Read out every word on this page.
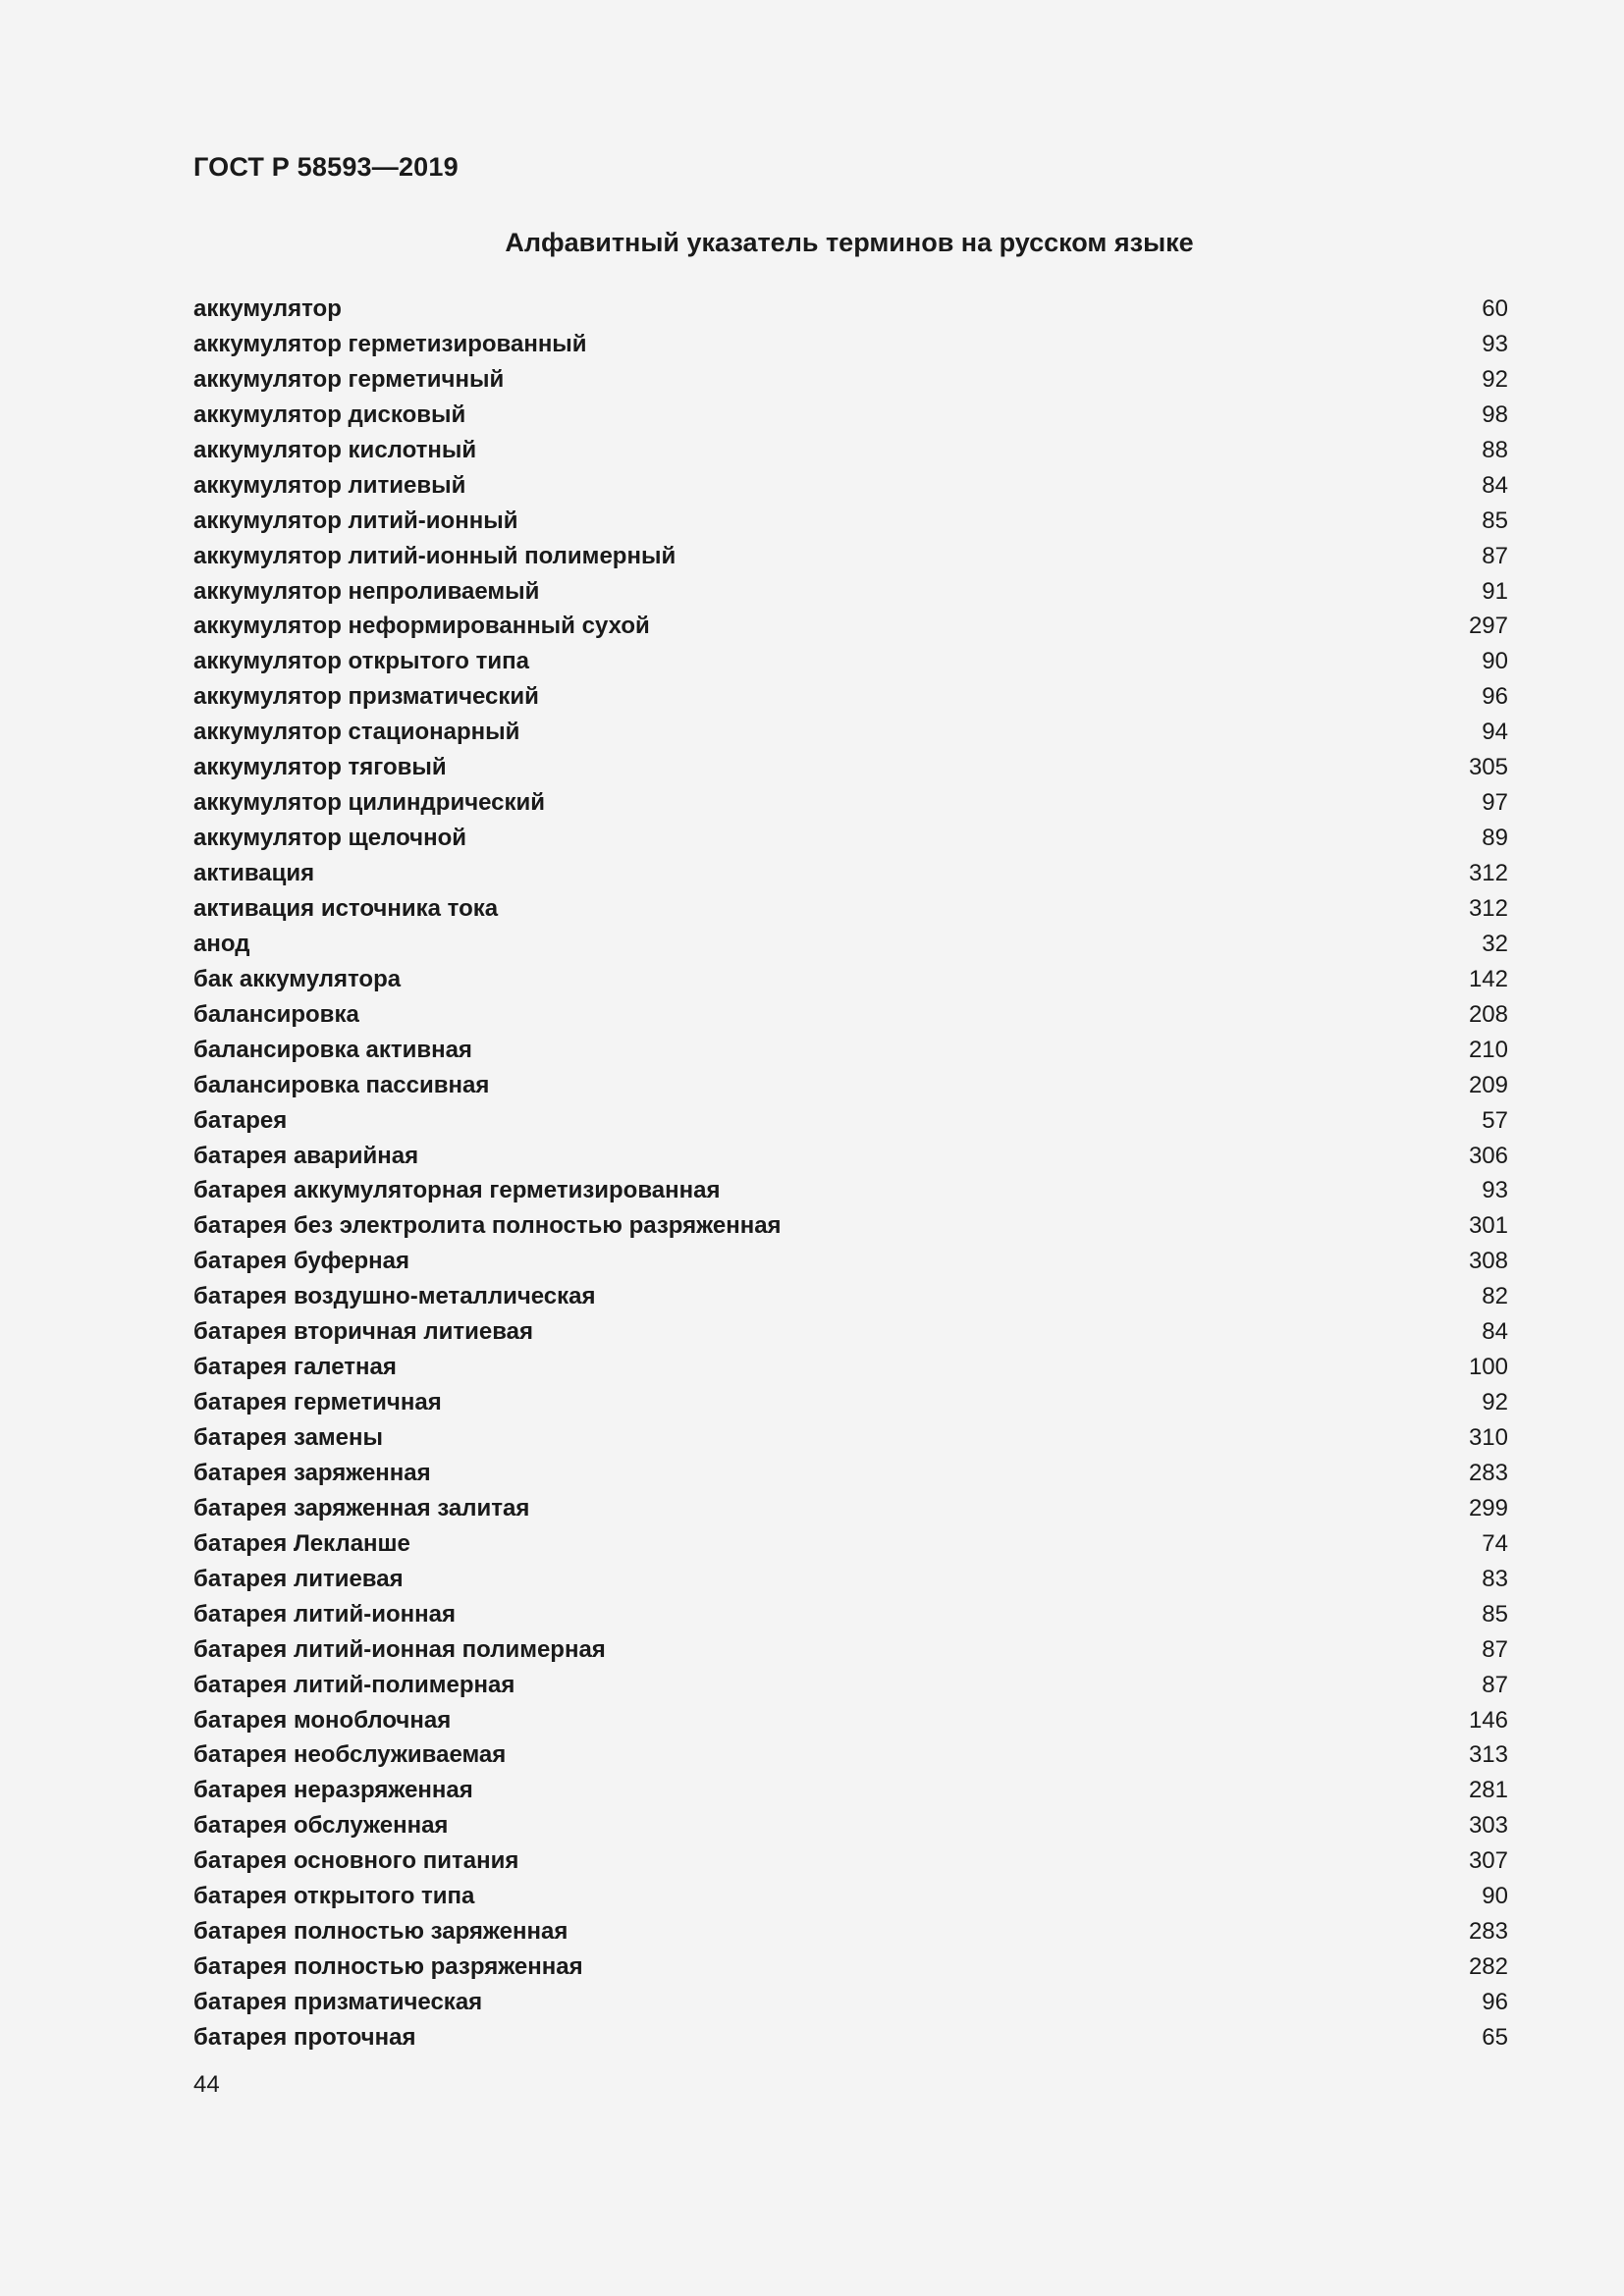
ГОСТ Р 58593—2019
Алфавитный указатель терминов на русском языке
аккумулятор	60
аккумулятор герметизированный	93
аккумулятор герметичный	92
аккумулятор дисковый	98
аккумулятор кислотный	88
аккумулятор литиевый	84
аккумулятор литий-ионный	85
аккумулятор литий-ионный полимерный	87
аккумулятор непроливаемый	91
аккумулятор неформированный сухой	297
аккумулятор открытого типа	90
аккумулятор призматический	96
аккумулятор стационарный	94
аккумулятор тяговый	305
аккумулятор цилиндрический	97
аккумулятор щелочной	89
активация	312
активация источника тока	312
анод	32
бак аккумулятора	142
балансировка	208
балансировка активная	210
балансировка пассивная	209
батарея	57
батарея аварийная	306
батарея аккумуляторная герметизированная	93
батарея без электролита полностью разряженная	301
батарея буферная	308
батарея воздушно-металлическая	82
батарея вторичная литиевая	84
батарея галетная	100
батарея герметичная	92
батарея замены	310
батарея заряженная	283
батарея заряженная залитая	299
батарея Лекланше	74
батарея литиевая	83
батарея литий-ионная	85
батарея литий-ионная полимерная	87
батарея литий-полимерная	87
батарея моноблочная	146
батарея необслуживаемая	313
батарея неразряженная	281
батарея обслуженная	303
батарея основного питания	307
батарея открытого типа	90
батарея полностью заряженная	283
батарея полностью разряженная	282
батарея призматическая	96
батарея проточная	65

44
